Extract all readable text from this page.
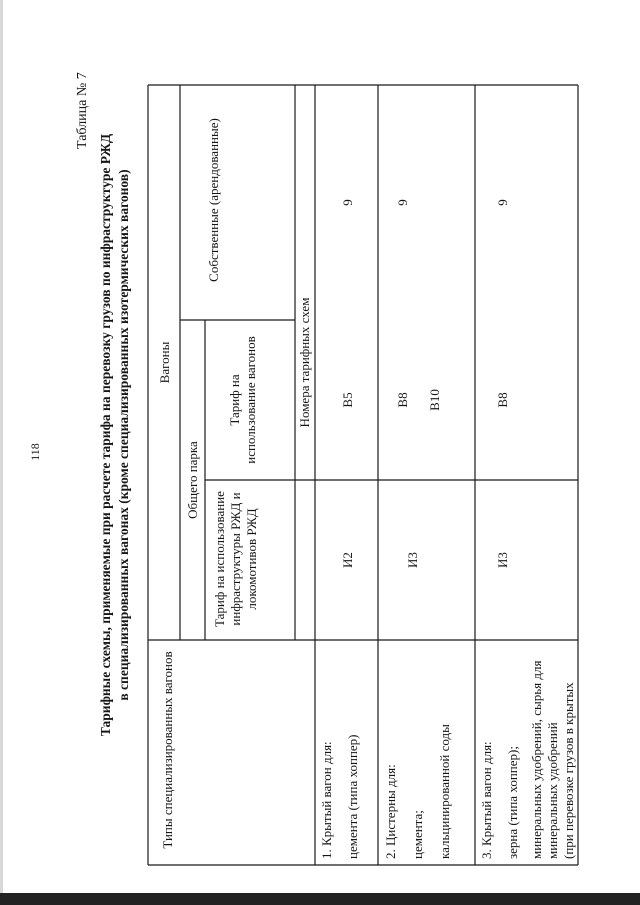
118
Таблица № 7
Тарифные схемы, применяемые при расчете тарифа на перевозку грузов по инфраструктуре РЖД в специализированных вагонах (кроме специализированных изотермических вагонов)
Типы специализированных вагонов
Вагоны
Общего парка
Собственные (арендованные)
Тариф на использование инфраструктуры РЖД и локомотивов РЖД
Тариф на использование вагонов	Номера тарифных схем
1. Крытый вагон для: цемента (типа хоппер)
И2
В5
9
2. Цистерны для: цемента; кальцинированной соды
И3
В8 В10
9
3. Крытый вагон для: зерна (типа хоппер); минеральных удобрений, сырья для минеральных удобрений (при перевозке грузов в крытых
И3
В8
9
